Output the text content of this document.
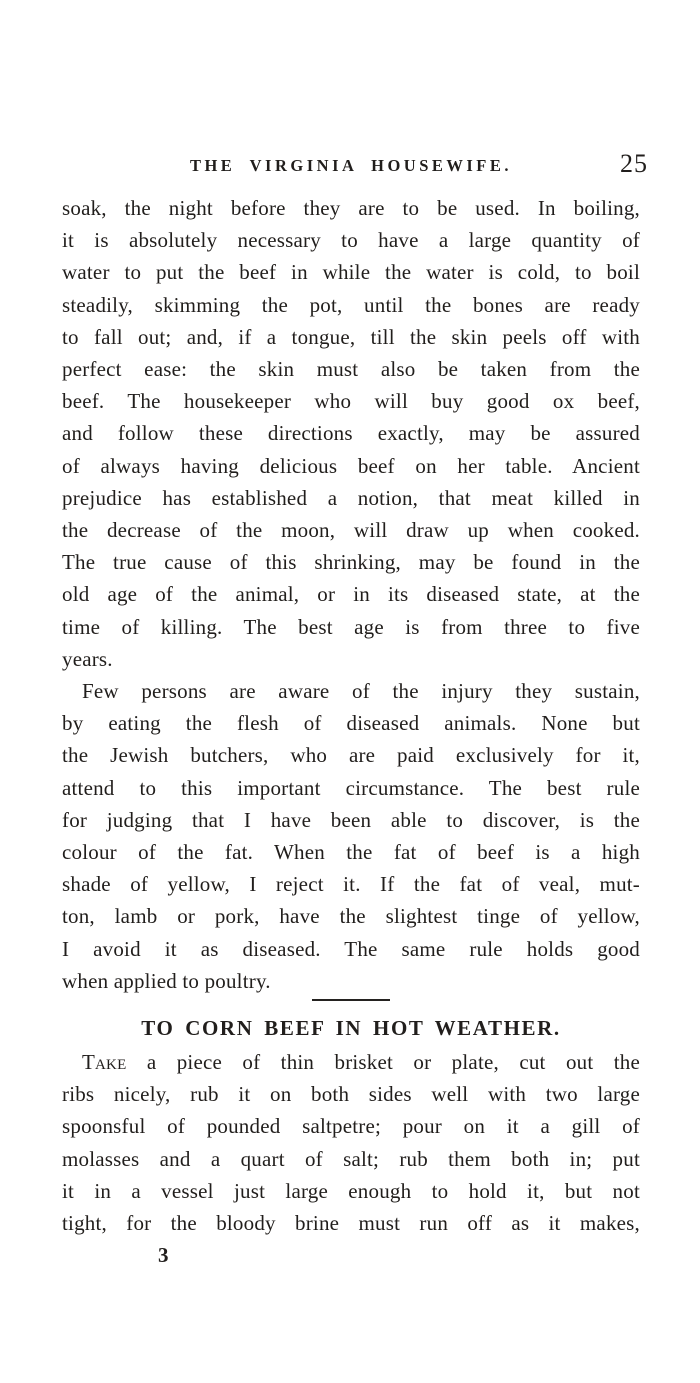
THE VIRGINIA HOUSEWIFE.	25
soak, the night before they are to be used. In boiling,
it is absolutely necessary to have a large quantity of
water to put the beef in while the water is cold, to boil
steadily, skimming the pot, until the bones are ready
to fall out; and, if a tongue, till the skin peels off with
perfect ease: the skin must also be taken from the
beef. The housekeeper who will buy good ox beef,
and follow these directions exactly, may be assured
of always having delicious beef on her table. Ancient
prejudice has established a notion, that meat killed in
the decrease of the moon, will draw up when cooked.
The true cause of this shrinking, may be found in the
old age of the animal, or in its diseased state, at the
time of killing. The best age is from three to five
years.
Few persons are aware of the injury they sustain,
by eating the flesh of diseased animals. None but
the Jewish butchers, who are paid exclusively for it,
attend to this important circumstance. The best rule
for judging that I have been able to discover, is the
colour of the fat. When the fat of beef is a high
shade of yellow, I reject it. If the fat of veal, mut-
ton, lamb or pork, have the slightest tinge of yellow,
I avoid it as diseased. The same rule holds good
when applied to poultry.
TO CORN BEEF IN HOT WEATHER.
Take a piece of thin brisket or plate, cut out the
ribs nicely, rub it on both sides well with two large
spoonsful of pounded saltpetre; pour on it a gill of
molasses and a quart of salt; rub them both in; put
it in a vessel just large enough to hold it, but not
tight, for the bloody brine must run off as it makes,
3
